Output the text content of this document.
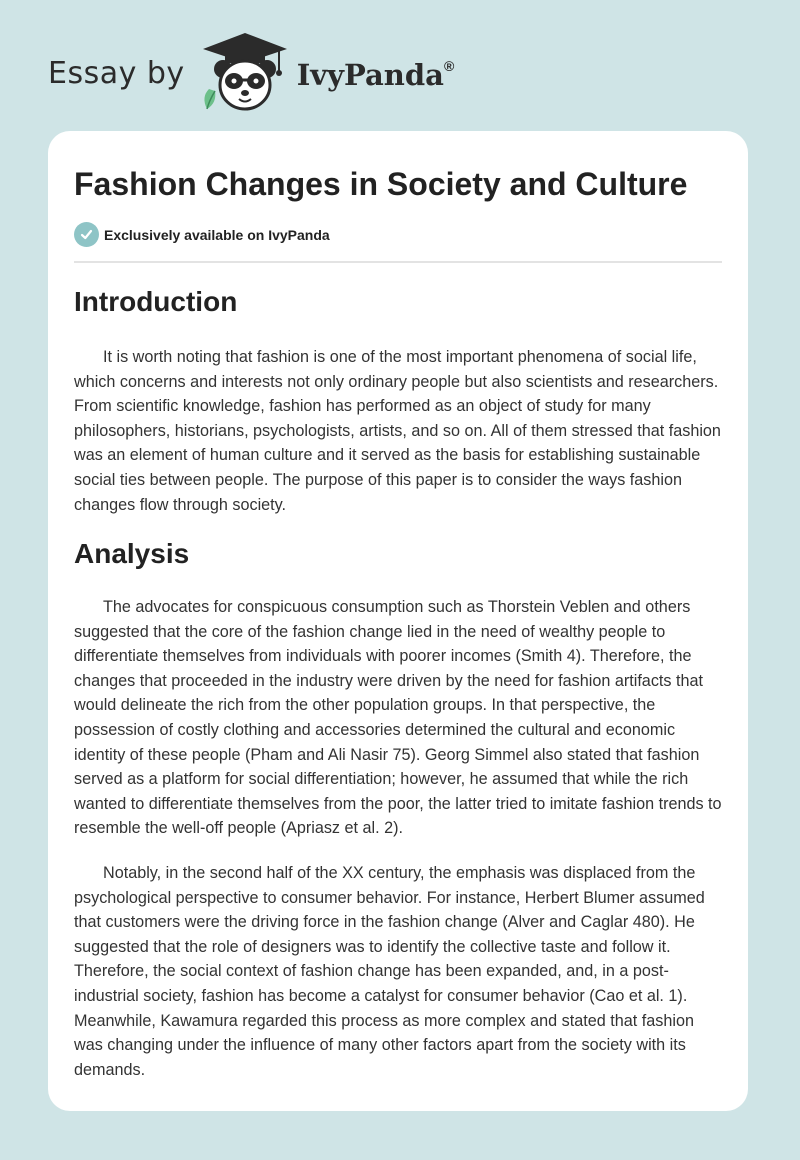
Essay by	IvyPanda®
Fashion Changes in Society and Culture
Exclusively available on IvyPanda
Introduction

It is worth noting that fashion is one of the most important phenomena of social life, which concerns and interests not only ordinary people but also scientists and researchers. From scientific knowledge, fashion has performed as an object of study for many philosophers, historians, psychologists, artists, and so on. All of them stressed that fashion was an element of human culture and it served as the basis for establishing sustainable social ties between people. The purpose of this paper is to consider the ways fashion changes flow through society.

Analysis

The advocates for conspicuous consumption such as Thorstein Veblen and others suggested that the core of the fashion change lied in the need of wealthy people to differentiate themselves from individuals with poorer incomes (Smith 4). Therefore, the changes that proceeded in the industry were driven by the need for fashion artifacts that would delineate the rich from the other population groups. In that perspective, the possession of costly clothing and accessories determined the cultural and economic identity of these people (Pham and Ali Nasir 75). Georg Simmel also stated that fashion served as a platform for social differentiation; however, he assumed that while the rich wanted to differentiate themselves from the poor, the latter tried to imitate fashion trends to resemble the well-off people (Apriasz et al. 2).

Notably, in the second half of the XX century, the emphasis was displaced from the psychological perspective to consumer behavior. For instance, Herbert Blumer assumed that customers were the driving force in the fashion change (Alver and Caglar 480). He suggested that the role of designers was to identify the collective taste and follow it. Therefore, the social context of fashion change has been expanded, and, in a post-industrial society, fashion has become a catalyst for consumer behavior (Cao et al. 1). Meanwhile, Kawamura regarded this process as more complex and stated that fashion was changing under the influence of many other factors apart from the society with its demands.
